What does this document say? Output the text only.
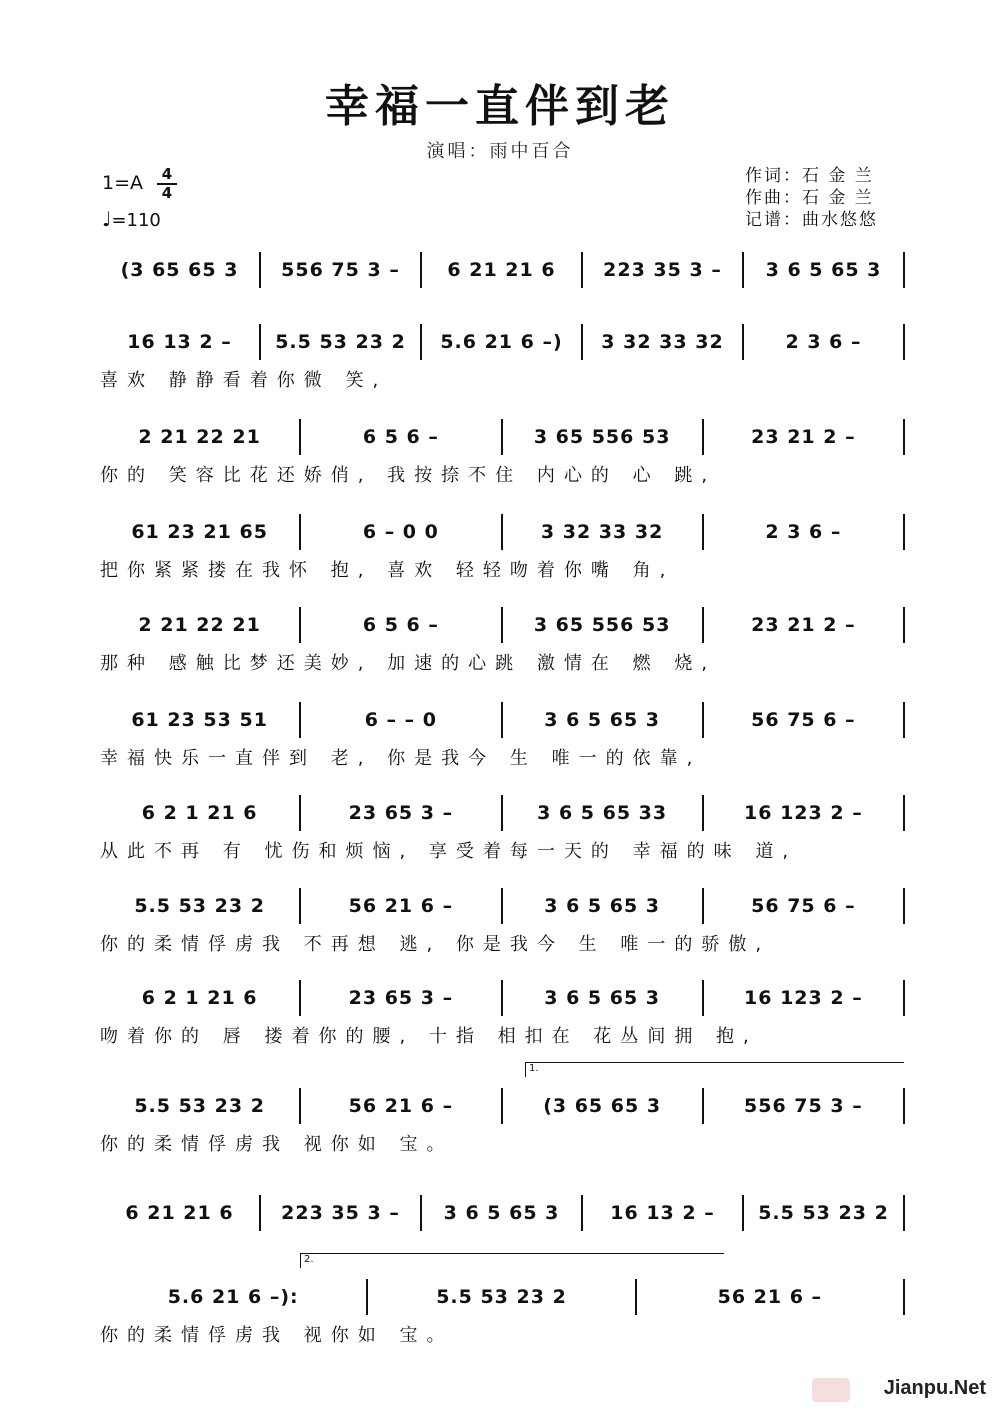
幸福一直伴到老
演唱：雨中百合
1=A	4
4
♩=110
作词：石 金 兰
作曲：石 金 兰
记谱：曲水悠悠
(3 65 65 3	556 75 3 –	6 21 21 6	223 35 3 –	3 6 5 65 3
16 13 2 –	5.5 53 23 2	5.6 21 6 –)	3 32 33 32	2 3 6 –
喜欢 静静看着你微 笑,
2 21 22 21	6 5 6 –	3 65 556 53	23 21 2 –
你的 笑容比花还娇俏, 我按捺不住 内心的 心 跳,
61 23 21 65	6 – 0 0	3 32 33 32	2 3 6 –
把你紧紧搂在我怀 抱, 喜欢 轻轻吻着你嘴 角,
2 21 22 21	6 5 6 –	3 65 556 53	23 21 2 –
那种 感触比梦还美妙, 加速的心跳 激情在 燃 烧,
61 23 53 51	6 – – 0	3 6 5 65 3	56 75 6 –
幸福快乐一直伴到 老, 你是我今 生 唯一的依靠,
6 2 1 21 6	23 65 3 –	3 6 5 65 33	16 123 2 –
从此不再 有 忧伤和烦恼, 享受着每一天的 幸福的味 道,
5.5 53 23 2	56 21 6 –	3 6 5 65 3	56 75 6 –
你的柔情俘虏我 不再想 逃, 你是我今 生 唯一的骄傲,
6 2 1 21 6	23 65 3 –	3 6 5 65 3	16 123 2 –
吻着你的 唇 搂着你的腰, 十指 相扣在 花丛间拥 抱,
1.
5.5 53 23 2	56 21 6 –	(3 65 65 3	556 75 3 –
你的柔情俘虏我 视你如 宝。
6 21 21 6	223 35 3 –	3 6 5 65 3	16 13 2 –	5.5 53 23 2
2.
5.6 21 6 –):	5.5 53 23 2	56 21 6 –
你的柔情俘虏我 视你如 宝。
Jianpu.Net
